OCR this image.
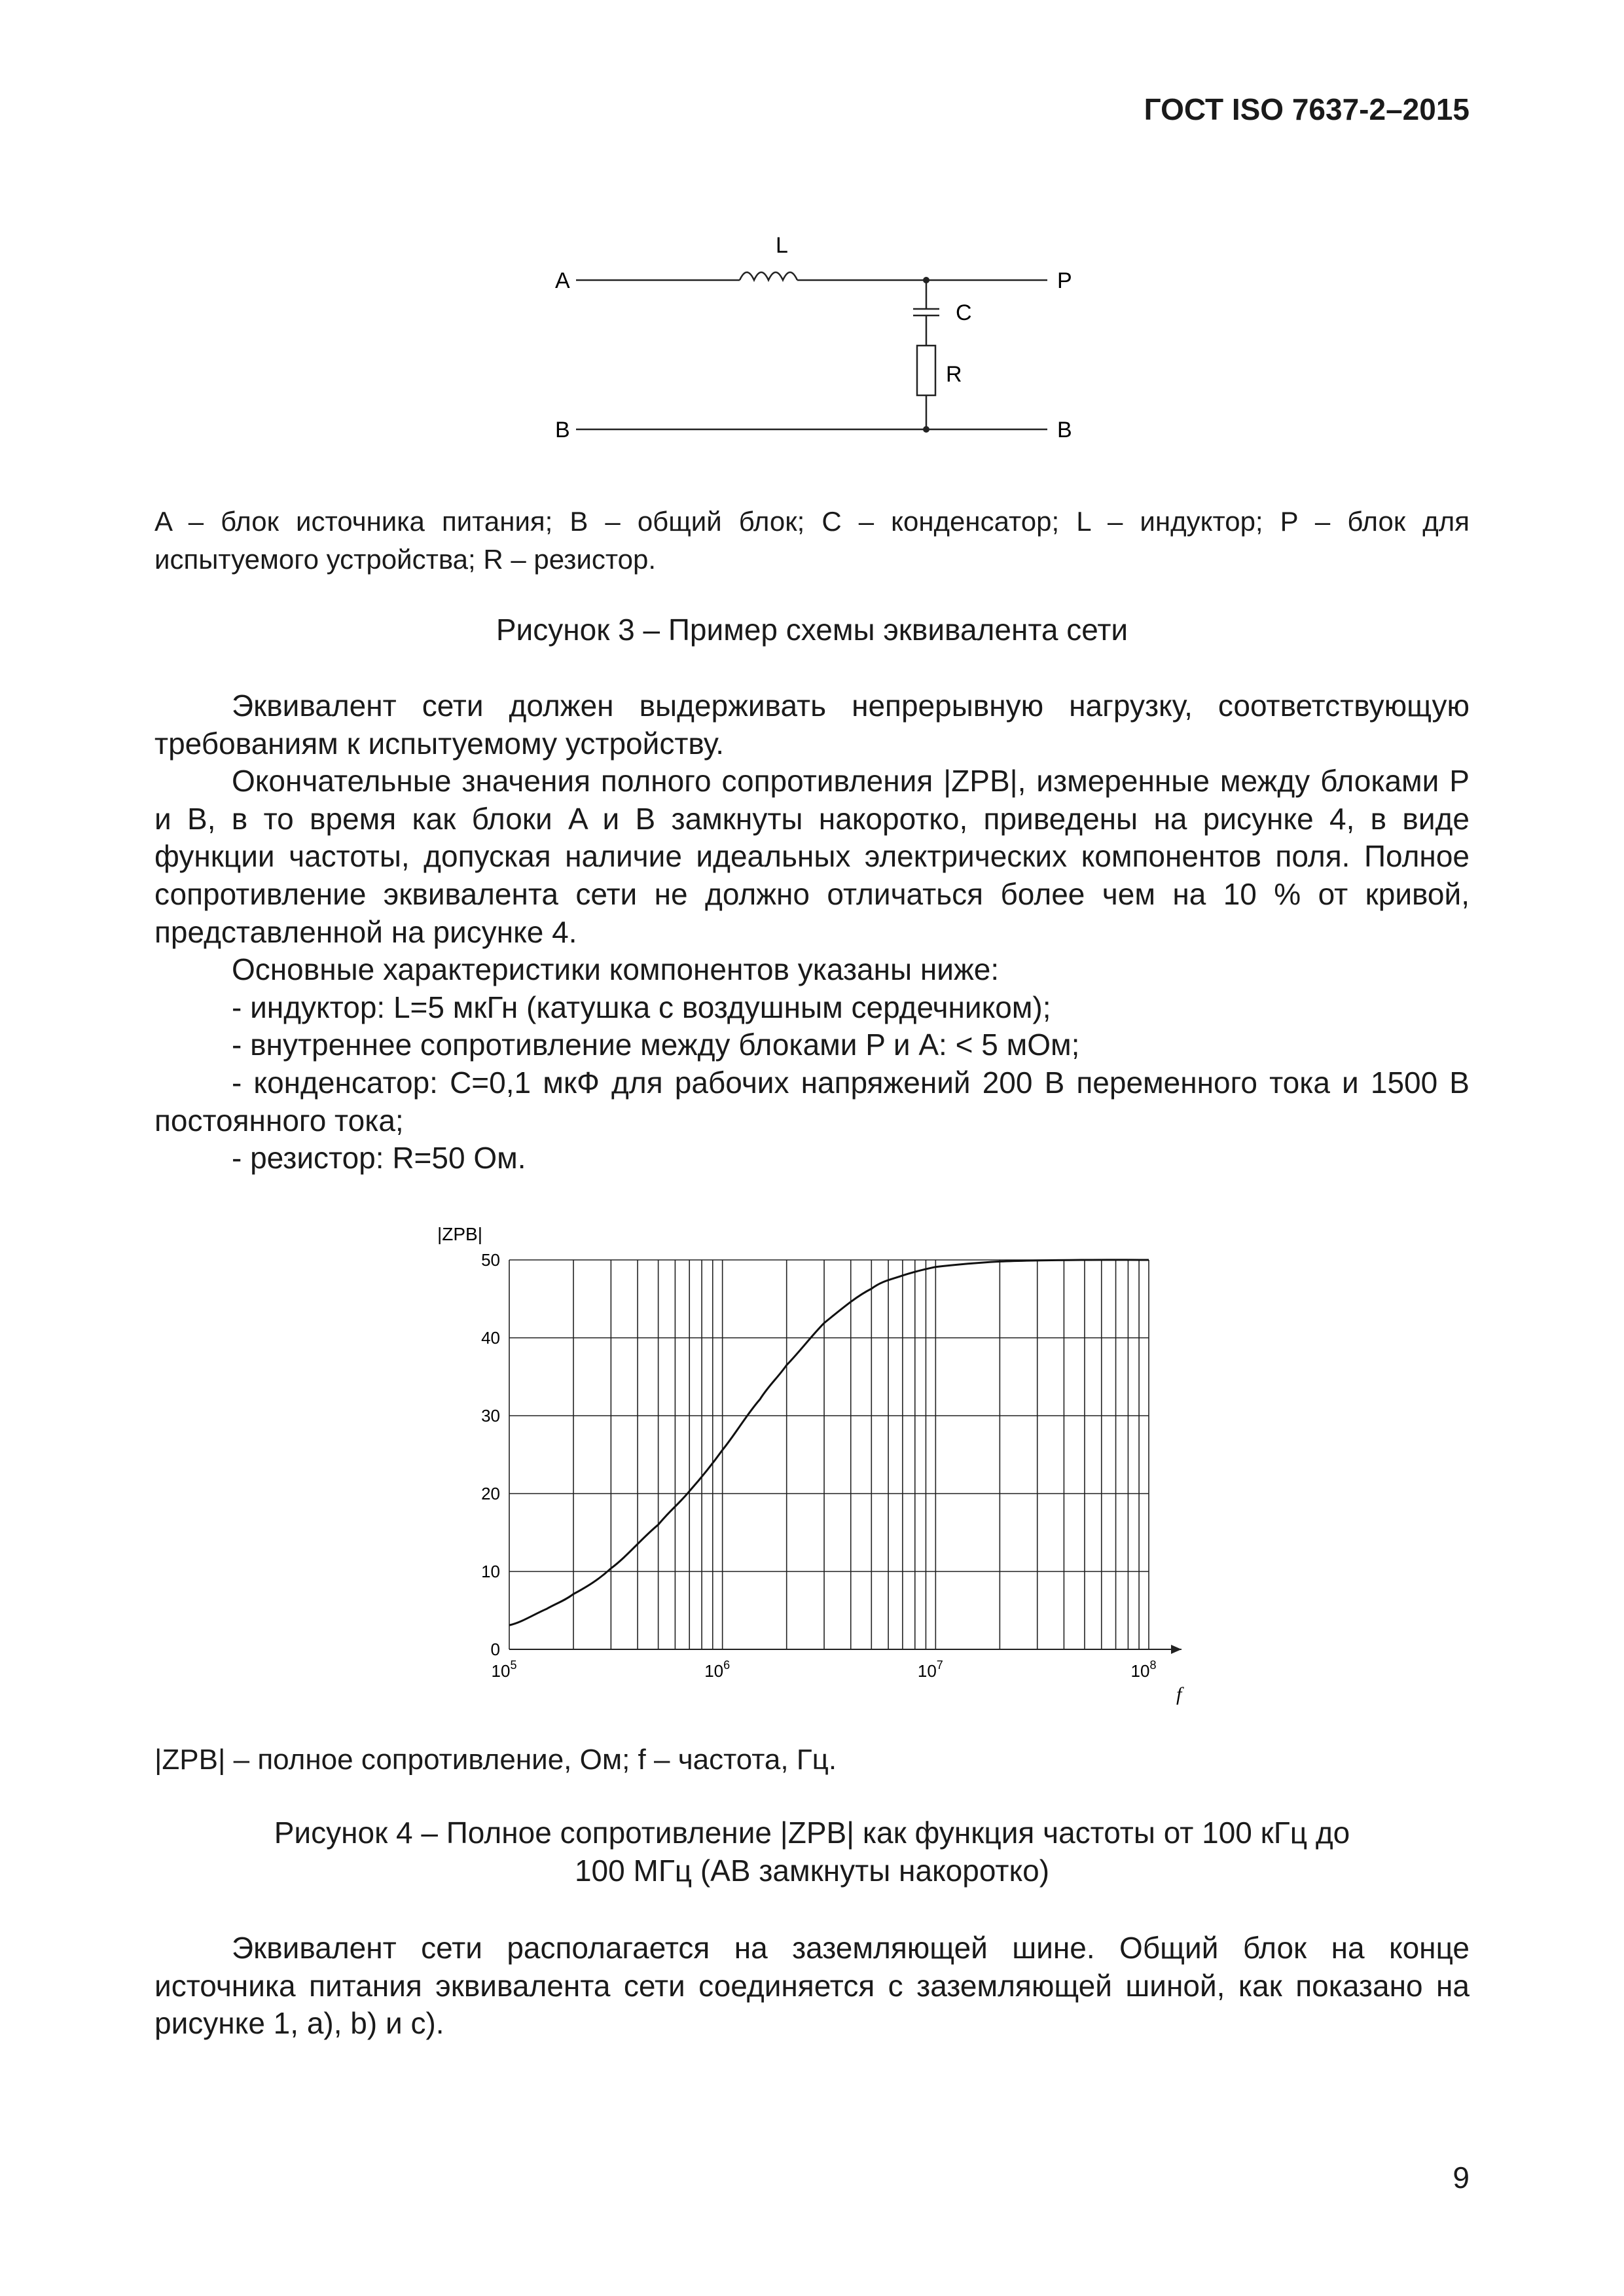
ГОСТ ISO 7637-2–2015
A
L
P
C
R
B	B
A – блок источника питания; B – общий блок; C – конденсатор; L – индуктор; P – блок для испытуемого устройства; R – резистор.
Рисунок 3 – Пример схемы эквивалента сети

Эквивалент сети должен выдерживать непрерывную нагрузку, соответствующую требованиям к испытуемому устройству.

Окончательные значения полного сопротивления |ZPB|, измеренные между блоками P и B, в то время как блоки A и B замкнуты накоротко, приведены на рисунке 4, в виде функции частоты, допуская наличие идеальных электрических компонентов поля. Полное сопротивление эквивалента сети не должно отличаться более чем на 10 % от кривой, представленной на рисунке 4.

Основные характеристики компонентов указаны ниже:

- индуктор: L=5 мкГн (катушка с воздушным сердечником);

- внутреннее сопротивление между блоками P и A: < 5 мОм;

- конденсатор: C=0,1 мкФ для рабочих напряжений 200 В переменного тока и 1500 В постоянного тока;

- резистор: R=50 Ом.

0
10
20
30
40
50
$10^5$	$10^6$	$10^7$	$10^8$
|ZPB|
f
|ZPB| – полное сопротивление, Ом; f – частота, Гц.
Рисунок 4 – Полное сопротивление |ZPB| как функция частоты от 100 кГц до
100 МГц (AB замкнуты накоротко)

Эквивалент сети располагается на заземляющей шине. Общий блок на конце источника питания эквивалента сети соединяется с заземляющей шиной, как показано на рисунке 1, a), b) и c).

9
